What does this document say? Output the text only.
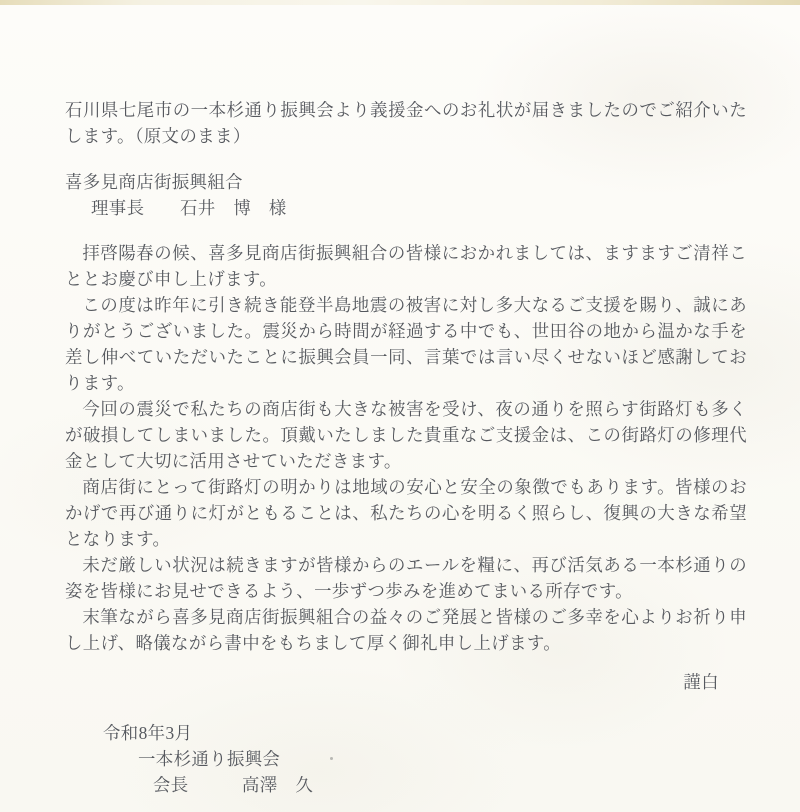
石川県七尾市の一本杉通り振興会より義援金へのお礼状が届きましたのでご紹介いたします。（原文のまま）

喜多見商店街振興組合
理事長　　石井　博　様

拝啓陽春の候、喜多見商店街振興組合の皆様におかれましては、ますますご清祥こととお慶び申し上げます。

この度は昨年に引き続き能登半島地震の被害に対し多大なるご支援を賜り、誠にありがとうございました。震災から時間が経過する中でも、世田谷の地から温かな手を差し伸べていただいたことに振興会員一同、言葉では言い尽くせないほど感謝しております。

今回の震災で私たちの商店街も大きな被害を受け、夜の通りを照らす街路灯も多くが破損してしまいました。頂戴いたしました貴重なご支援金は、この街路灯の修理代金として大切に活用させていただきます。

商店街にとって街路灯の明かりは地域の安心と安全の象徴でもあります。皆様のおかげで再び通りに灯がともることは、私たちの心を明るく照らし、復興の大きな希望となります。

未だ厳しい状況は続きますが皆様からのエールを糧に、再び活気ある一本杉通りの姿を皆様にお見せできるよう、一歩ずつ歩みを進めてまいる所存です。

末筆ながら喜多見商店街振興組合の益々のご発展と皆様のご多幸を心よりお祈り申し上げ、略儀ながら書中をもちまして厚く御礼申し上げます。

謹白
令和8年3月
一本杉通り振興会
会長　　　高澤　久
